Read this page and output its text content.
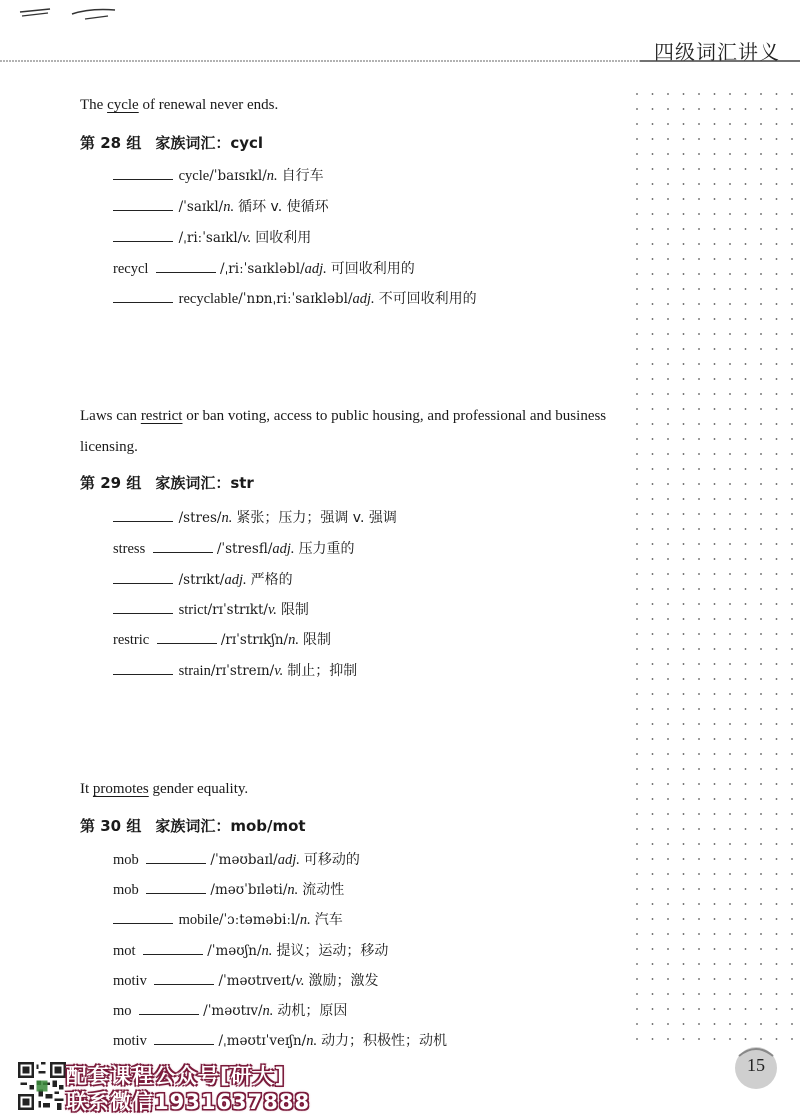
四级词汇讲义
The cycle of renewal never ends.
第 28 组 家族词汇：cycl
cycle/ˈbaɪsɪkl/n. 自行车
/ˈsaɪkl/n. 循环 v. 使循环
/ˌriːˈsaɪkl/v. 回收利用
recycl	/ˌriːˈsaɪkləbl/adj. 可回收利用的
recyclable/ˈnɒnˌriːˈsaɪkləbl/adj. 不可回收利用的
Laws can restrict or ban voting, access to public housing, and professional and business licensing.
第 29 组 家族词汇：str
/stres/n. 紧张；压力；强调 v. 强调
stress	/ˈstresfl/adj. 压力重的
/strɪkt/adj. 严格的
strict/rɪˈstrɪkt/v. 限制
restric	/rɪˈstrɪkʃn/n. 限制
strain/rɪˈstreɪn/v. 制止；抑制
It promotes gender equality.
第 30 组 家族词汇：mob/mot
mob	/ˈməʊbaɪl/adj. 可移动的
mob	/məʊˈbɪləti/n. 流动性
mobile/ˈɔːtəməbiːl/n. 汽车
mot	/ˈməʊʃn/n. 提议；运动；移动
motiv	/ˈməʊtɪveɪt/v. 激励；激发
mo	/ˈməʊtɪv/n. 动机；原因
motiv	/ˌməʊtɪˈveɪʃn/n. 动力；积极性；动机
配套课程公众号[研大]
联系微信1931637888
15
